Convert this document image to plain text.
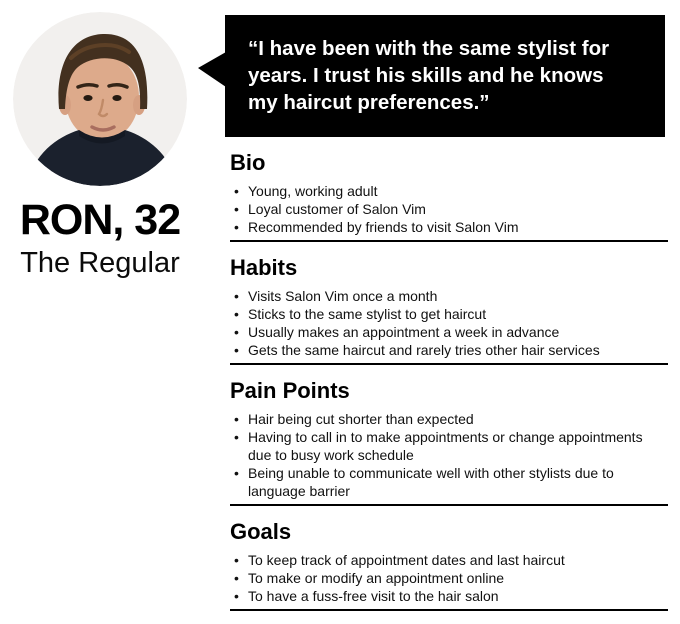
RON, 32
The Regular
“I have been with the same stylist for
years. I trust his skills and he knows
my haircut preferences.”
Bio
• Young, working adult
• Loyal customer of Salon Vim
• Recommended by friends to visit Salon Vim
Habits
• Visits Salon Vim once a month
• Sticks to the same stylist to get haircut
• Usually makes an appointment a week in advance
• Gets the same haircut and rarely tries other hair services
Pain Points
• Hair being cut shorter than expected
• Having to call in to make appointments or change appointments due to busy work schedule
• Being unable to communicate well with other stylists due to language barrier
Goals
• To keep track of appointment dates and last haircut
• To make or modify an appointment online
• To have a fuss-free visit to the hair salon
